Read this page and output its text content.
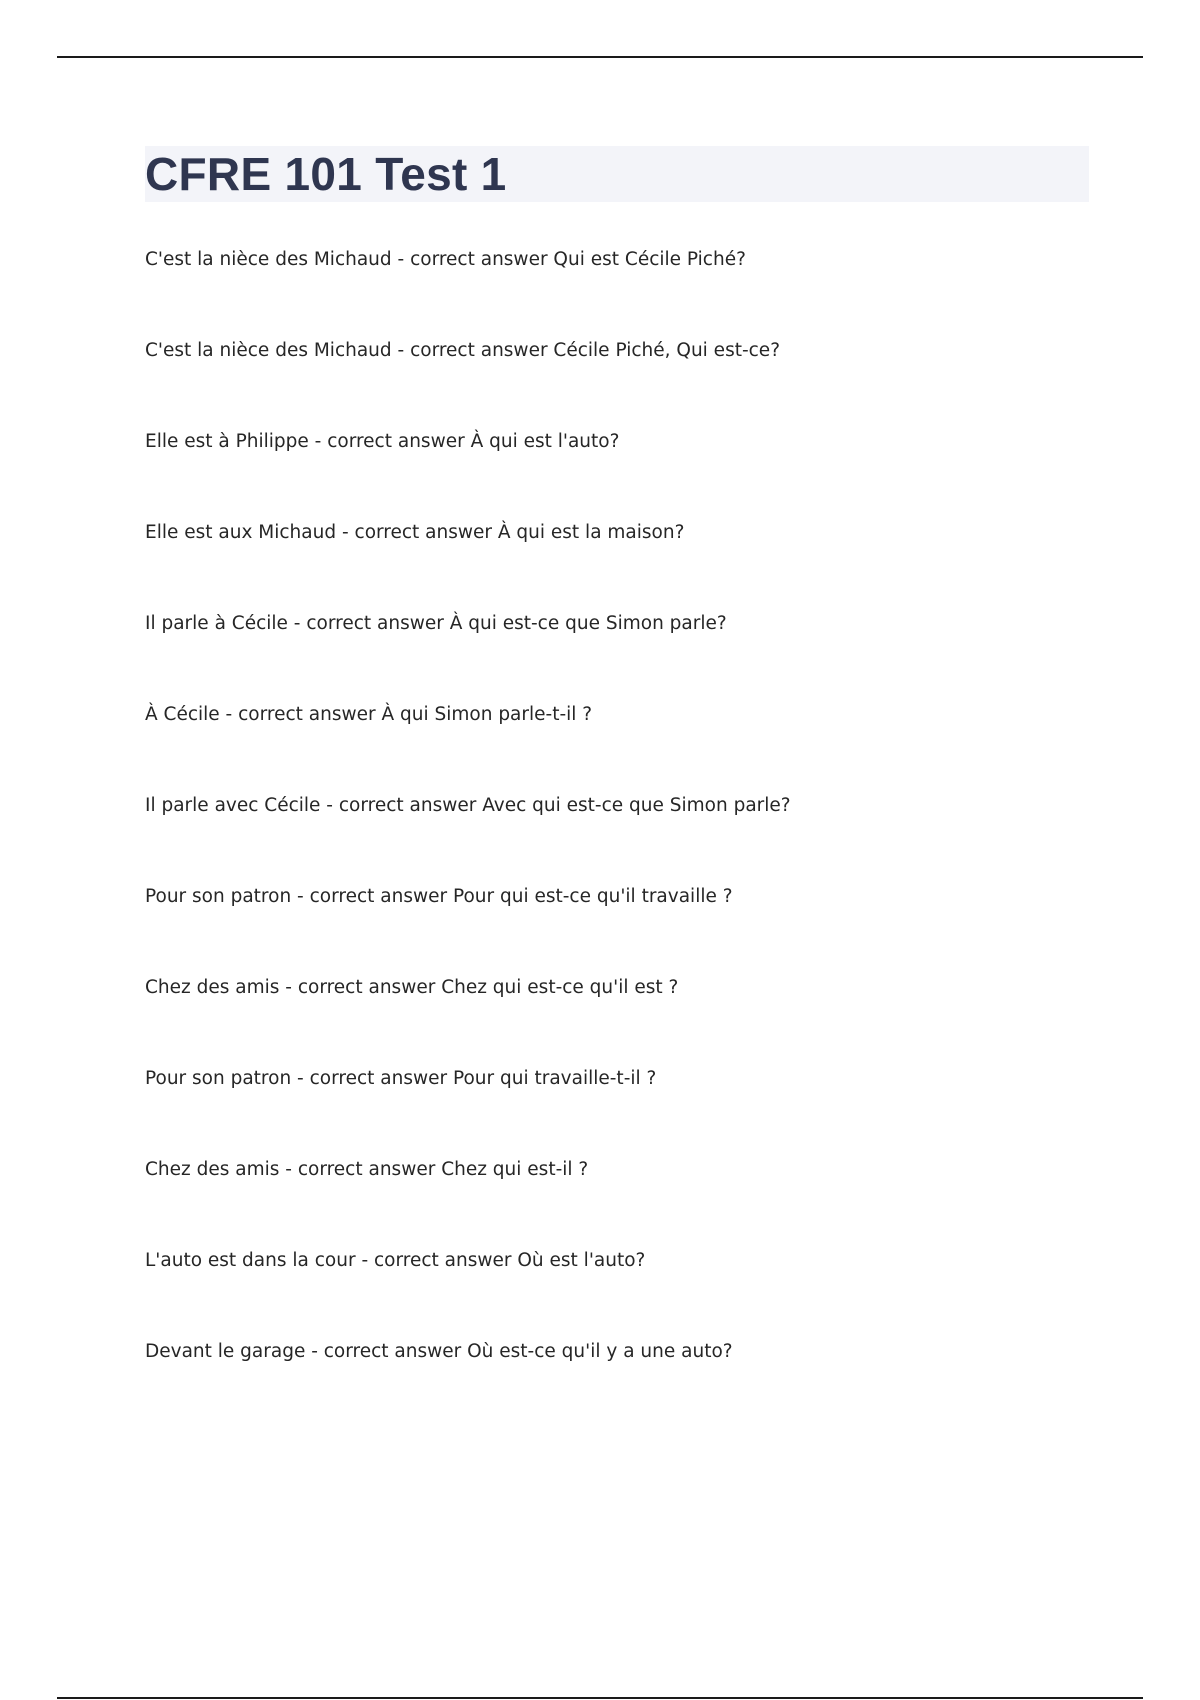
CFRE 101 Test 1
C'est la nièce des Michaud - correct answer Qui est Cécile Piché?
C'est la nièce des Michaud - correct answer Cécile Piché, Qui est-ce?
Elle est à Philippe - correct answer À qui est l'auto?
Elle est aux Michaud - correct answer À qui est la maison?
Il parle à Cécile - correct answer À qui est-ce que Simon parle?
À Cécile - correct answer À qui Simon parle-t-il ?
Il parle avec Cécile - correct answer Avec qui est-ce que Simon parle?
Pour son patron - correct answer Pour qui est-ce qu'il travaille ?
Chez des amis - correct answer Chez qui est-ce qu'il est ?
Pour son patron - correct answer Pour qui travaille-t-il ?
Chez des amis - correct answer Chez qui est-il ?
L'auto est dans la cour - correct answer Où est l'auto?
Devant le garage - correct answer Où est-ce qu'il y a une auto?
